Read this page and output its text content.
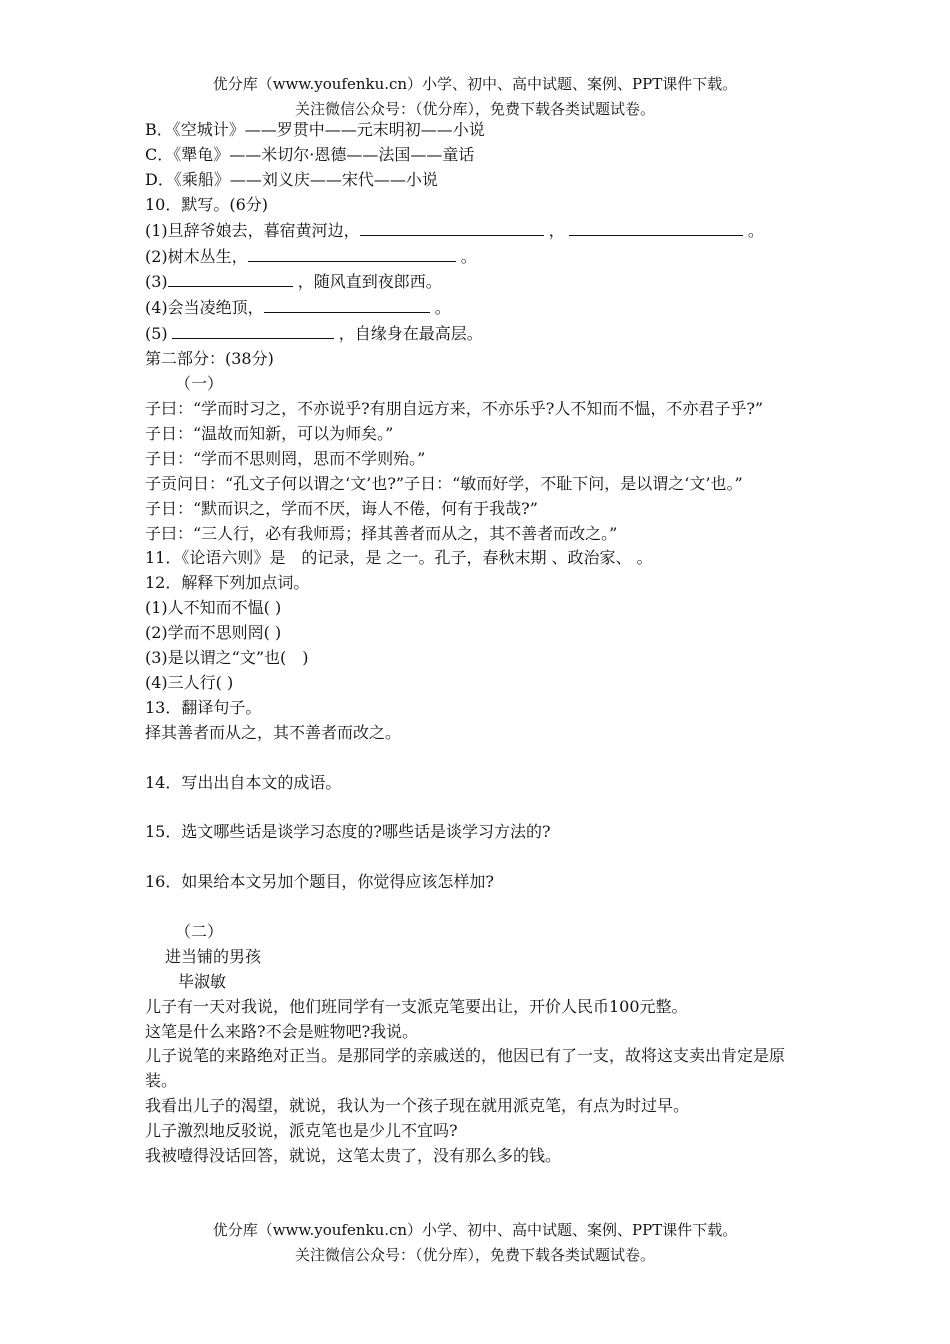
优分库（www.youfenku.cn）小学、初中、高中试题、案例、PPT课件下载。
关注微信公众号：（优分库），免费下载各类试题试卷。
B．《空城计》——罗贯中——元末明初——小说
C．《犟龟》——米切尔·恩德——法国——童话
D．《乘船》——刘义庆——宋代——小说
10．默写。(6分)
(1)旦辞爷娘去，暮宿黄河边，	，	。
(2)树木丛生，	。
(3)	，随风直到夜郎西。
(4)会当凌绝顶，	。
(5)	，自缘身在最高层。
第二部分：(38分)
（一）
子曰：“学而时习之，不亦说乎?有朋自远方来，不亦乐乎?人不知而不愠，不亦君子乎?”
子日：“温故而知新，可以为师矣。”
子日：“学而不思则罔，思而不学则殆。”
子贡问日：“孔文子何以谓之‘文’也?”子日：“敏而好学，不耻下问，是以谓之‘文’也。”
子日：“默而识之，学而不厌，诲人不倦，何有于我哉?”
子曰：“三人行，必有我师焉；择其善者而从之，其不善者而改之。”
11．《论语六则》是　的记录，是 之一。孔子，春秋末期 、政治家、 。
12．解释下列加点词。
(1)人不知而不愠( )
(2)学而不思则罔( )
(3)是以谓之“文”也(　)
(4)三人行( )
13．翻译句子。
择其善者而从之，其不善者而改之。
14．写出出自本文的成语。
15．选文哪些话是谈学习态度的?哪些话是谈学习方法的?
16．如果给本文另加个题目，你觉得应该怎样加?
（二）
进当铺的男孩
毕淑敏
儿子有一天对我说，他们班同学有一支派克笔要出让，开价人民币100元整。
这笔是什么来路?不会是赃物吧?我说。
儿子说笔的来路绝对正当。是那同学的亲戚送的，他因已有了一支，故将这支卖出肯定是原装。
我看出儿子的渴望，就说，我认为一个孩子现在就用派克笔，有点为时过早。
儿子激烈地反驳说，派克笔也是少儿不宜吗?
我被噎得没话回答，就说，这笔太贵了，没有那么多的钱。
优分库（www.youfenku.cn）小学、初中、高中试题、案例、PPT课件下载。
关注微信公众号：（优分库），免费下载各类试题试卷。
